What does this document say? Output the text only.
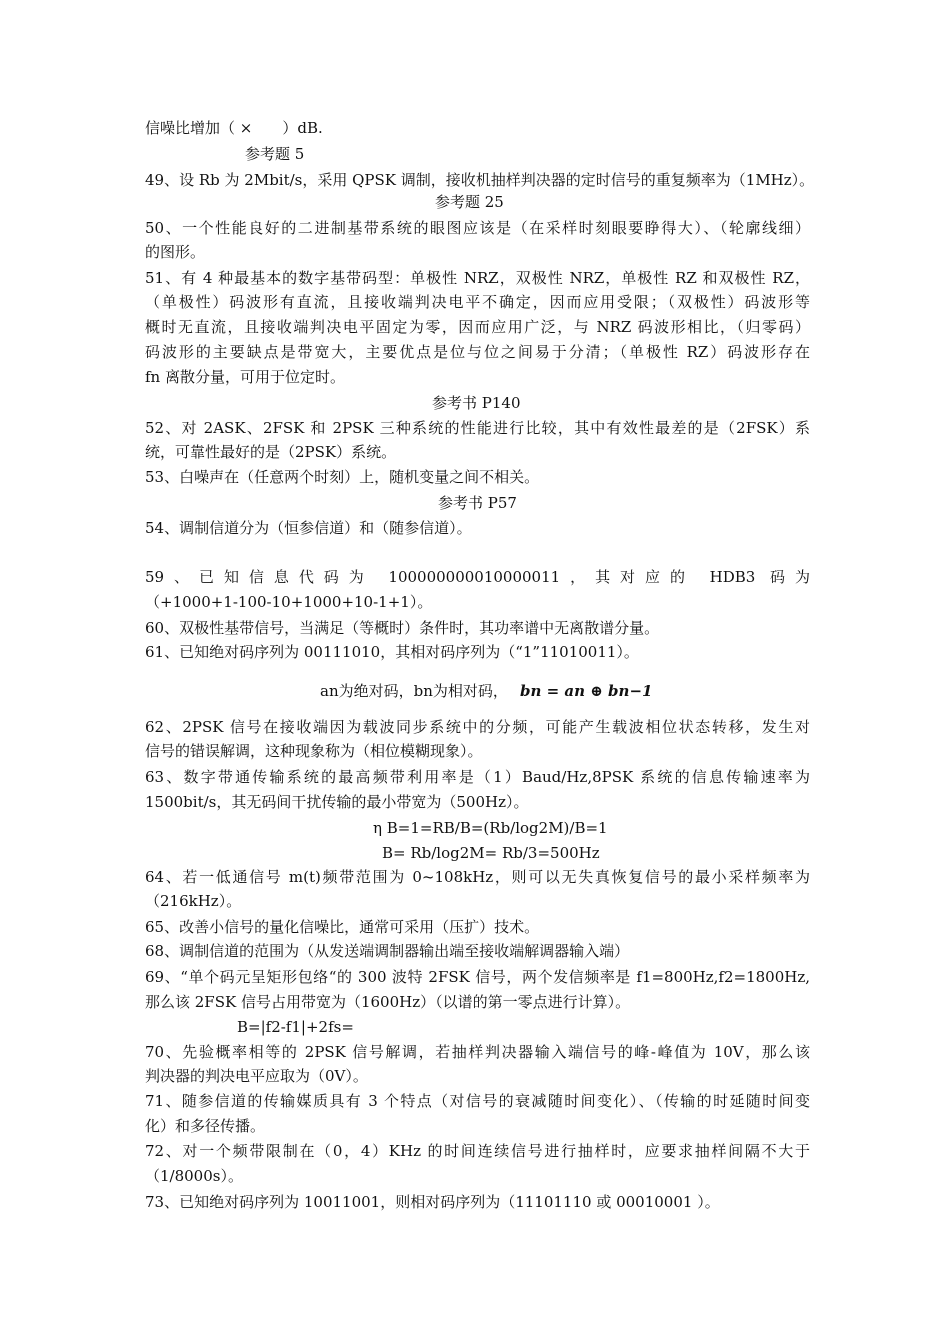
信噪比增加（ ×　　）dB.
参考题 5
49、设 Rb 为 2Mbit/s，采用 QPSK 调制，接收机抽样判决器的定时信号的重复频率为（1MHz）。
参考题 25
50、一个性能良好的二进制基带系统的眼图应该是（在采样时刻眼要睁得大）、（轮廓线细）
的图形。
51、有 4 种最基本的数字基带码型：单极性 NRZ，双极性 NRZ，单极性 RZ 和双极性 RZ，
（单极性）码波形有直流，且接收端判决电平不确定，因而应用受限；（双极性）码波形等
概时无直流，且接收端判决电平固定为零，因而应用广泛，与 NRZ 码波形相比，（归零码）
码波形的主要缺点是带宽大，主要优点是位与位之间易于分清；（单极性 RZ）码波形存在
fn 离散分量，可用于位定时。
参考书 P140
52、对 2ASK、2FSK 和 2PSK 三种系统的性能进行比较，其中有效性最差的是（2FSK）系
统，可靠性最好的是（2PSK）系统。
53、白噪声在（任意两个时刻）上，随机变量之间不相关。
参考书 P57
54、调制信道分为（恒参信道）和（随参信道）。
59、已知信息代码为 100000000010000011，其对应的 HDB3 码为
（+1000+1-100-10+1000+10-1+1）。
60、双极性基带信号，当满足（等概时）条件时，其功率谱中无离散谱分量。
61、已知绝对码序列为 00111010，其相对码序列为（“1”11010011）。
an为绝对码，bn为相对码， bn = an ⊕ bn−1
62、2PSK 信号在接收端因为载波同步系统中的分频，可能产生载波相位状态转移，发生对
信号的错误解调，这种现象称为（相位模糊现象）。
63、数字带通传输系统的最高频带利用率是（1）Baud/Hz,8PSK 系统的信息传输速率为
1500bit/s，其无码间干扰传输的最小带宽为（500Hz）。
η B=1=RB/B=(Rb/log2M)/B=1
B= Rb/log2M= Rb/3=500Hz
64、若一低通信号 m(t)频带范围为 0~108kHz，则可以无失真恢复信号的最小采样频率为
（216kHz）。
65、改善小信号的量化信噪比，通常可采用（压扩）技术。
68、调制信道的范围为（从发送端调制器输出端至接收端解调器输入端）
69、“单个码元呈矩形包络“的 300 波特 2FSK 信号，两个发信频率是 f1=800Hz,f2=1800Hz,
那么该 2FSK 信号占用带宽为（1600Hz）（以谱的第一零点进行计算）。
B=|f2-f1|+2fs=
70、先验概率相等的 2PSK 信号解调，若抽样判决器输入端信号的峰-峰值为 10V，那么该
判决器的判决电平应取为（0V）。
71、随参信道的传输媒质具有 3 个特点（对信号的衰减随时间变化）、（传输的时延随时间变
化）和多径传播。
72、对一个频带限制在（0，4）KHz 的时间连续信号进行抽样时，应要求抽样间隔不大于
（1/8000s）。
73、已知绝对码序列为 10011001，则相对码序列为（11101110 或 00010001 ）。
